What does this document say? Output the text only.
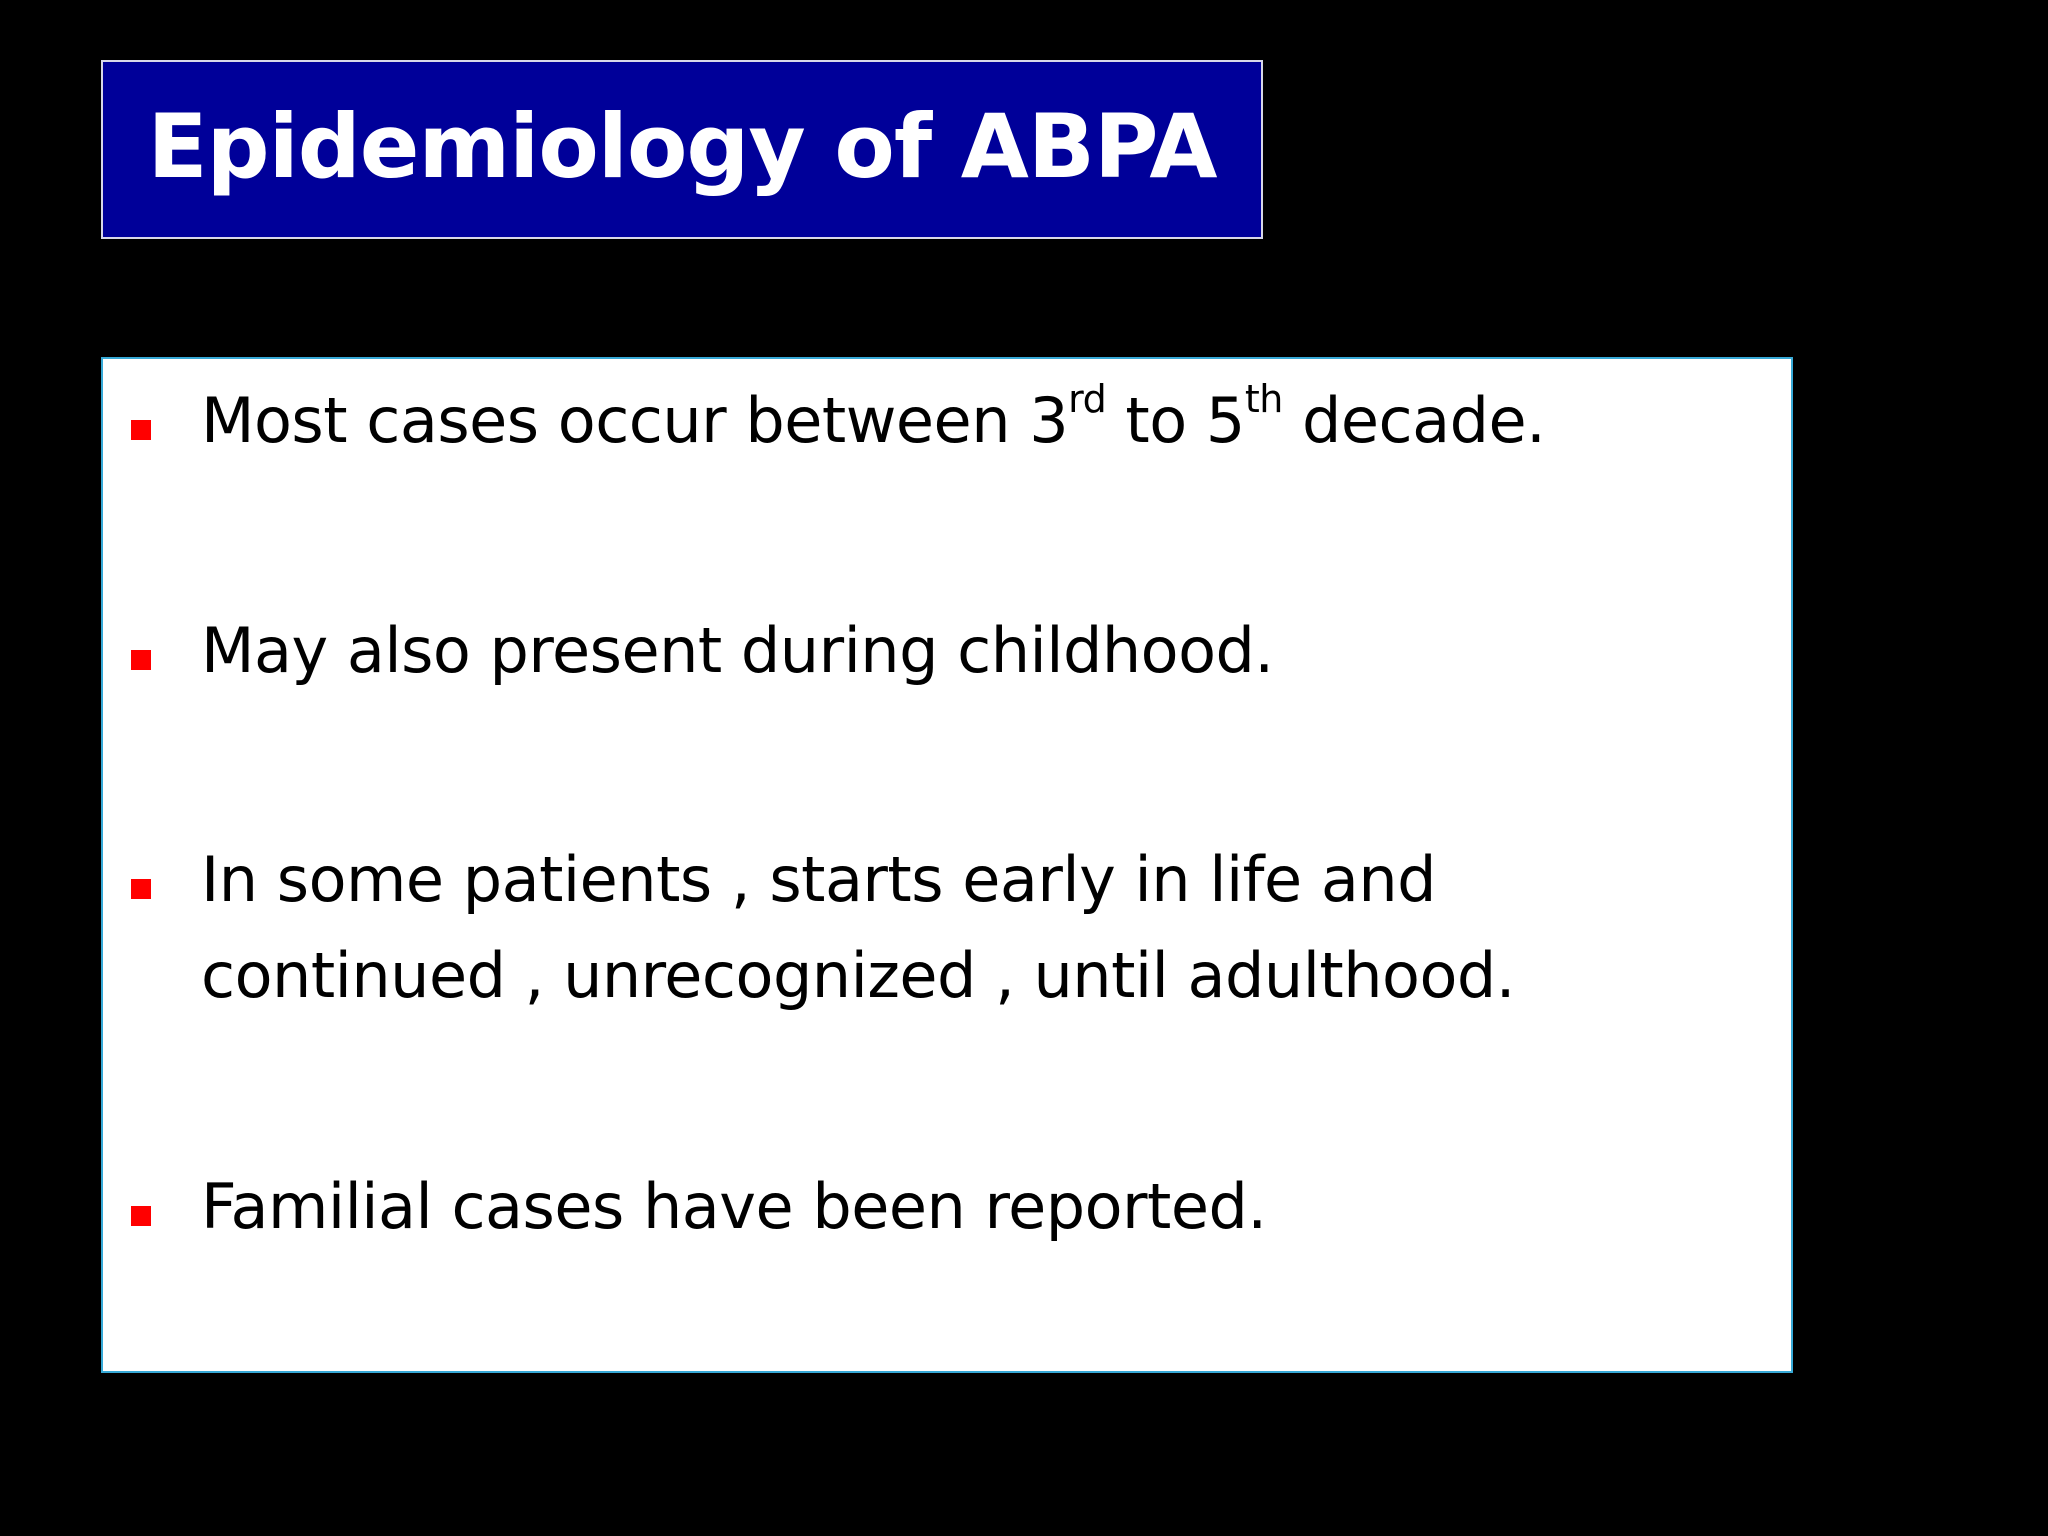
Epidemiology of ABPA
Most cases occur between 3rd to 5th decade.
May also present during childhood.
In some patients , starts early in life and
continued , unrecognized , until adulthood.
Familial cases have been reported.
